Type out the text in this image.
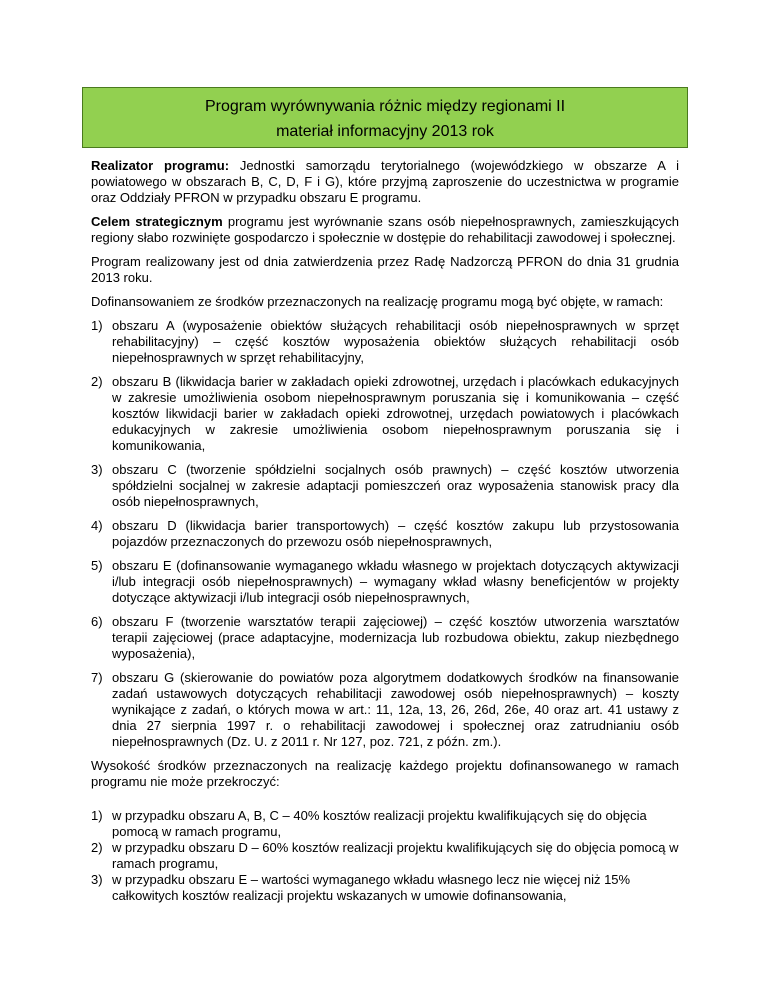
Program wyrównywania różnic między regionami II
materiał informacyjny 2013 rok

Realizator programu: Jednostki samorządu terytorialnego (wojewódzkiego w obszarze A i powiatowego w obszarach B, C, D, F i G), które przyjmą zaproszenie do uczestnictwa w programie oraz Oddziały PFRON w przypadku obszaru E programu.

Celem strategicznym programu jest wyrównanie szans osób niepełnosprawnych, zamieszkujących regiony słabo rozwinięte gospodarczo i społecznie w dostępie do rehabilitacji zawodowej i społecznej.

Program realizowany jest od dnia zatwierdzenia przez Radę Nadzorczą PFRON do dnia 31 grudnia 2013 roku.

Dofinansowaniem ze środków przeznaczonych na realizację programu mogą być objęte, w ramach:

1) obszaru A (wyposażenie obiektów służących rehabilitacji osób niepełnosprawnych w sprzęt rehabilitacyjny) – część kosztów wyposażenia obiektów służących rehabilitacji osób niepełnosprawnych w sprzęt rehabilitacyjny,
2) obszaru B (likwidacja barier w zakładach opieki zdrowotnej, urzędach i placówkach edukacyjnych w zakresie umożliwienia osobom niepełnosprawnym poruszania się i komunikowania – część kosztów likwidacji barier w zakładach opieki zdrowotnej, urzędach powiatowych i placówkach edukacyjnych w zakresie umożliwienia osobom niepełnosprawnym poruszania się i komunikowania,
3) obszaru C (tworzenie spółdzielni socjalnych osób prawnych) – część kosztów utworzenia spółdzielni socjalnej w zakresie adaptacji pomieszczeń oraz wyposażenia stanowisk pracy dla osób niepełnosprawnych,
4) obszaru D (likwidacja barier transportowych) – część kosztów zakupu lub przystosowania pojazdów przeznaczonych do przewozu osób niepełnosprawnych,
5) obszaru E (dofinansowanie wymaganego wkładu własnego w projektach dotyczących aktywizacji i/lub integracji osób niepełnosprawnych) – wymagany wkład własny beneficjentów w projekty dotyczące aktywizacji i/lub integracji osób niepełnosprawnych,
6) obszaru F (tworzenie warsztatów terapii zajęciowej) – część kosztów utworzenia warsztatów terapii zajęciowej (prace adaptacyjne, modernizacja lub rozbudowa obiektu, zakup niezbędnego wyposażenia),
7) obszaru G (skierowanie do powiatów poza algorytmem dodatkowych środków na finansowanie zadań ustawowych dotyczących rehabilitacji zawodowej osób niepełnosprawnych) – koszty wynikające z zadań, o których mowa w art.: 11, 12a, 13, 26, 26d, 26e, 40 oraz art. 41 ustawy z dnia 27 sierpnia 1997 r. o rehabilitacji zawodowej i społecznej oraz zatrudnianiu osób niepełnosprawnych (Dz. U. z 2011 r. Nr 127, poz. 721, z późn. zm.).

Wysokość środków przeznaczonych na realizację każdego projektu dofinansowanego w ramach programu nie może przekroczyć:

1) w przypadku obszaru A, B, C – 40% kosztów realizacji projektu kwalifikujących się do objęcia pomocą w ramach programu,
2) w przypadku obszaru D – 60% kosztów realizacji projektu kwalifikujących się do objęcia pomocą w ramach programu,
3) w przypadku obszaru E – wartości wymaganego wkładu własnego lecz nie więcej niż 15% całkowitych kosztów realizacji projektu wskazanych w umowie dofinansowania,
